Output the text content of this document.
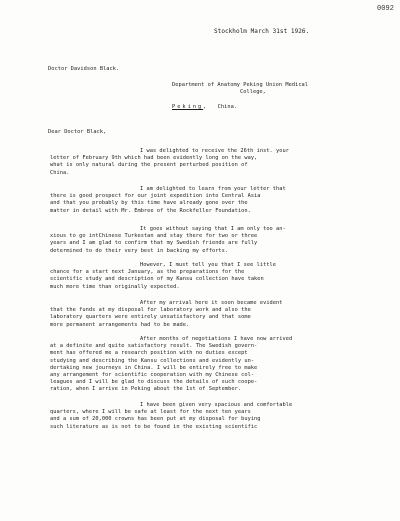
0092
Stockholm March 31st 1926.
Doctor Davidson Black.
Department of Anatomy Peking Union Medical
College,
Peking, China.
Dear Doctor Black,
I was delighted to receive the 26th inst. your
letter of February 9th which had been evidently long on the way,
what is only natural during the present perturbed position of
China.
I am delighted to learn from your letter that
there is good prospect for our joint expedition into Central Asia
and that you probably by this time have already gone over the
matter in detail with Mr. Embree of the Rockfeller Foundation.
It goes without saying that I am only too an-
xious to go intChinese Turkestan and stay there for two or three
years and I am glad to confirm that my Swedish friends are fully
determined to do their very best in backing my efforts.
However, I must tell you that I see little
chance for a start next January, as the preparations for the
scientific study and description of my Kansu collection have taken
much more time than originally expected.
After my arrival here it soon became evident
that the funds at my disposal for laboratory work and also the
laboratory quarters were entirely unsatisfactory and that some
more permanent arrangements had to be made.
After months of negotiations I have now arrived
at a definite and quite satisfactory result. The Swedish govern-
ment has offered me a research position with no duties except
studying and describing the Kansu collections and evidently un-
dertaking new journeys in China. I will be entirely free to make
any arrangement for scientific cooperation with my Chinese col-
leagues and I will be glad to discuss the details of such coope-
ration, when I arrive in Peking about the 1st of September.
I have been given very spacious and comfortable
quarters, where I will be safe at least for the next ten years
and a sum of 20,000 crowns has been put at my disposal for buying
such literature as is not to be found in the existing scientific
